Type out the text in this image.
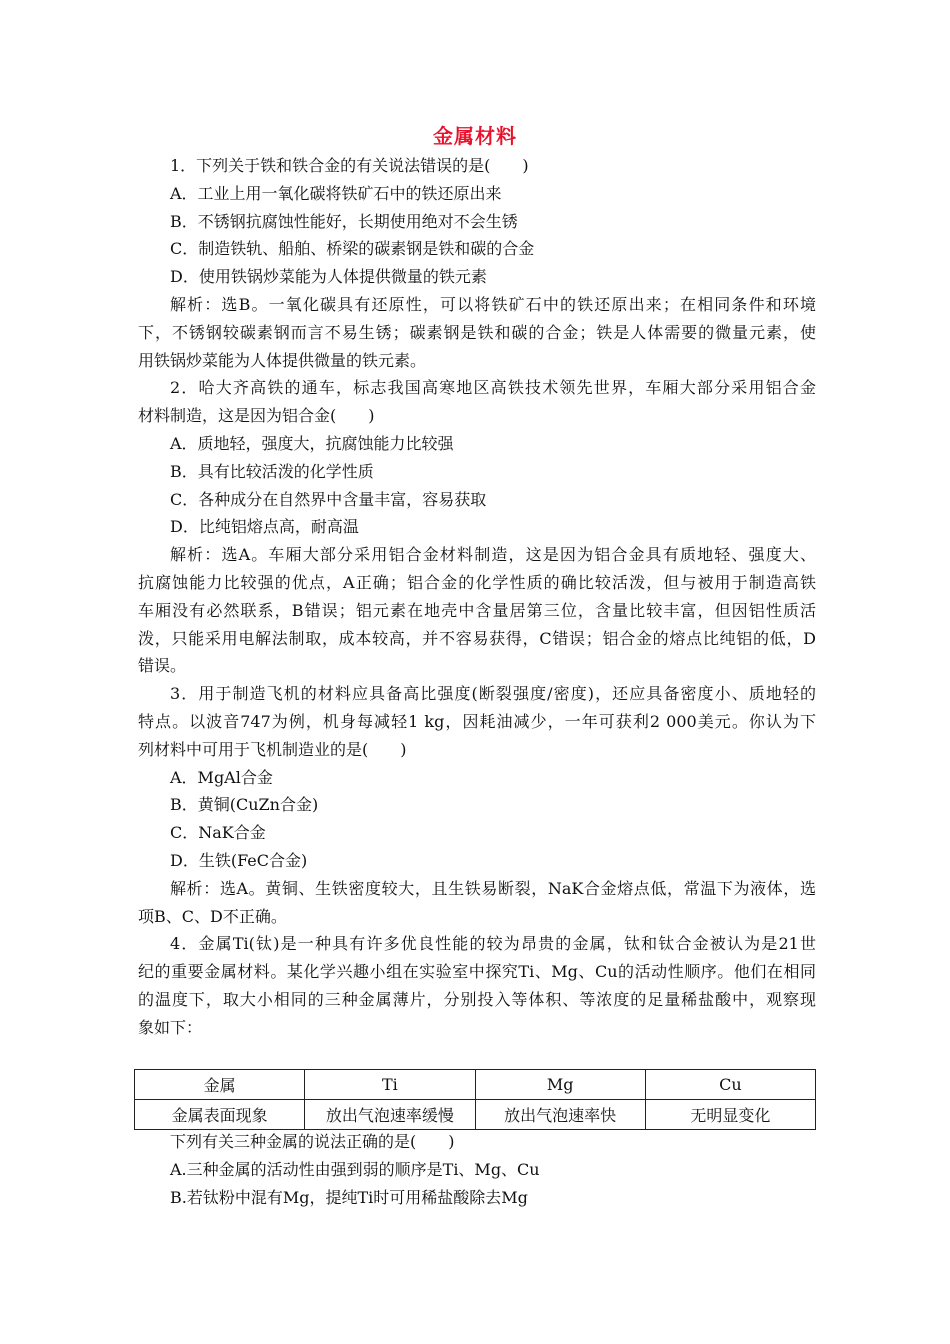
金属材料
1．下列关于铁和铁合金的有关说法错误的是(　　)
A．工业上用一氧化碳将铁矿石中的铁还原出来
B．不锈钢抗腐蚀性能好，长期使用绝对不会生锈
C．制造铁轨、船舶、桥梁的碳素钢是铁和碳的合金
D．使用铁锅炒菜能为人体提供微量的铁元素
解析：选B。一氧化碳具有还原性，可以将铁矿石中的铁还原出来；在相同条件和环境
下，不锈钢较碳素钢而言不易生锈；碳素钢是铁和碳的合金；铁是人体需要的微量元素，使
用铁锅炒菜能为人体提供微量的铁元素。
2．哈大齐高铁的通车，标志我国高寒地区高铁技术领先世界，车厢大部分采用铝合金
材料制造，这是因为铝合金(　　)
A．质地轻，强度大，抗腐蚀能力比较强
B．具有比较活泼的化学性质
C．各种成分在自然界中含量丰富，容易获取
D．比纯铝熔点高，耐高温
解析：选A。车厢大部分采用铝合金材料制造，这是因为铝合金具有质地轻、强度大、
抗腐蚀能力比较强的优点，A正确；铝合金的化学性质的确比较活泼，但与被用于制造高铁
车厢没有必然联系，B错误；铝元素在地壳中含量居第三位，含量比较丰富，但因铝性质活
泼，只能采用电解法制取，成本较高，并不容易获得，C错误；铝合金的熔点比纯铝的低，D
错误。
3．用于制造飞机的材料应具备高比强度(断裂强度/密度)，还应具备密度小、质地轻的
特点。以波音747为例，机身每减轻1 kg，因耗油减少，一年可获利2 000美元。你认为下
列材料中可用于飞机制造业的是(　　)
A．MgAl合金
B．黄铜(CuZn合金)
C．NaK合金
D．生铁(FeC合金)
解析：选A。黄铜、生铁密度较大，且生铁易断裂，NaK合金熔点低，常温下为液体，选
项B、C、D不正确。
4．金属Ti(钛)是一种具有许多优良性能的较为昂贵的金属，钛和钛合金被认为是21世
纪的重要金属材料。某化学兴趣小组在实验室中探究Ti、Mg、Cu的活动性顺序。他们在相同
的温度下，取大小相同的三种金属薄片，分别投入等体积、等浓度的足量稀盐酸中，观察现
象如下：
金属	Ti	Mg	Cu
金属表面现象	放出气泡速率缓慢	放出气泡速率快	无明显变化
下列有关三种金属的说法正确的是(　　)
A.三种金属的活动性由强到弱的顺序是Ti、Mg、Cu
B.若钛粉中混有Mg，提纯Ti时可用稀盐酸除去Mg
